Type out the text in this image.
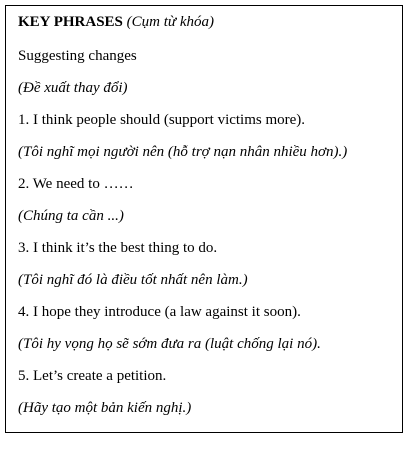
KEY PHRASES (Cụm từ khóa)
Suggesting changes
(Đề xuất thay đổi)
1. I think people should (support victims more).
(Tôi nghĩ mọi người nên (hỗ trợ nạn nhân nhiều hơn).)
2. We need to ……
(Chúng ta cần ...)
3. I think it’s the best thing to do.
(Tôi nghĩ đó là điều tốt nhất nên làm.)
4. I hope they introduce (a law against it soon).
(Tôi hy vọng họ sẽ sớm đưa ra (luật chống lại nó).
5. Let’s create a petition.
(Hãy tạo một bản kiến nghị.)
